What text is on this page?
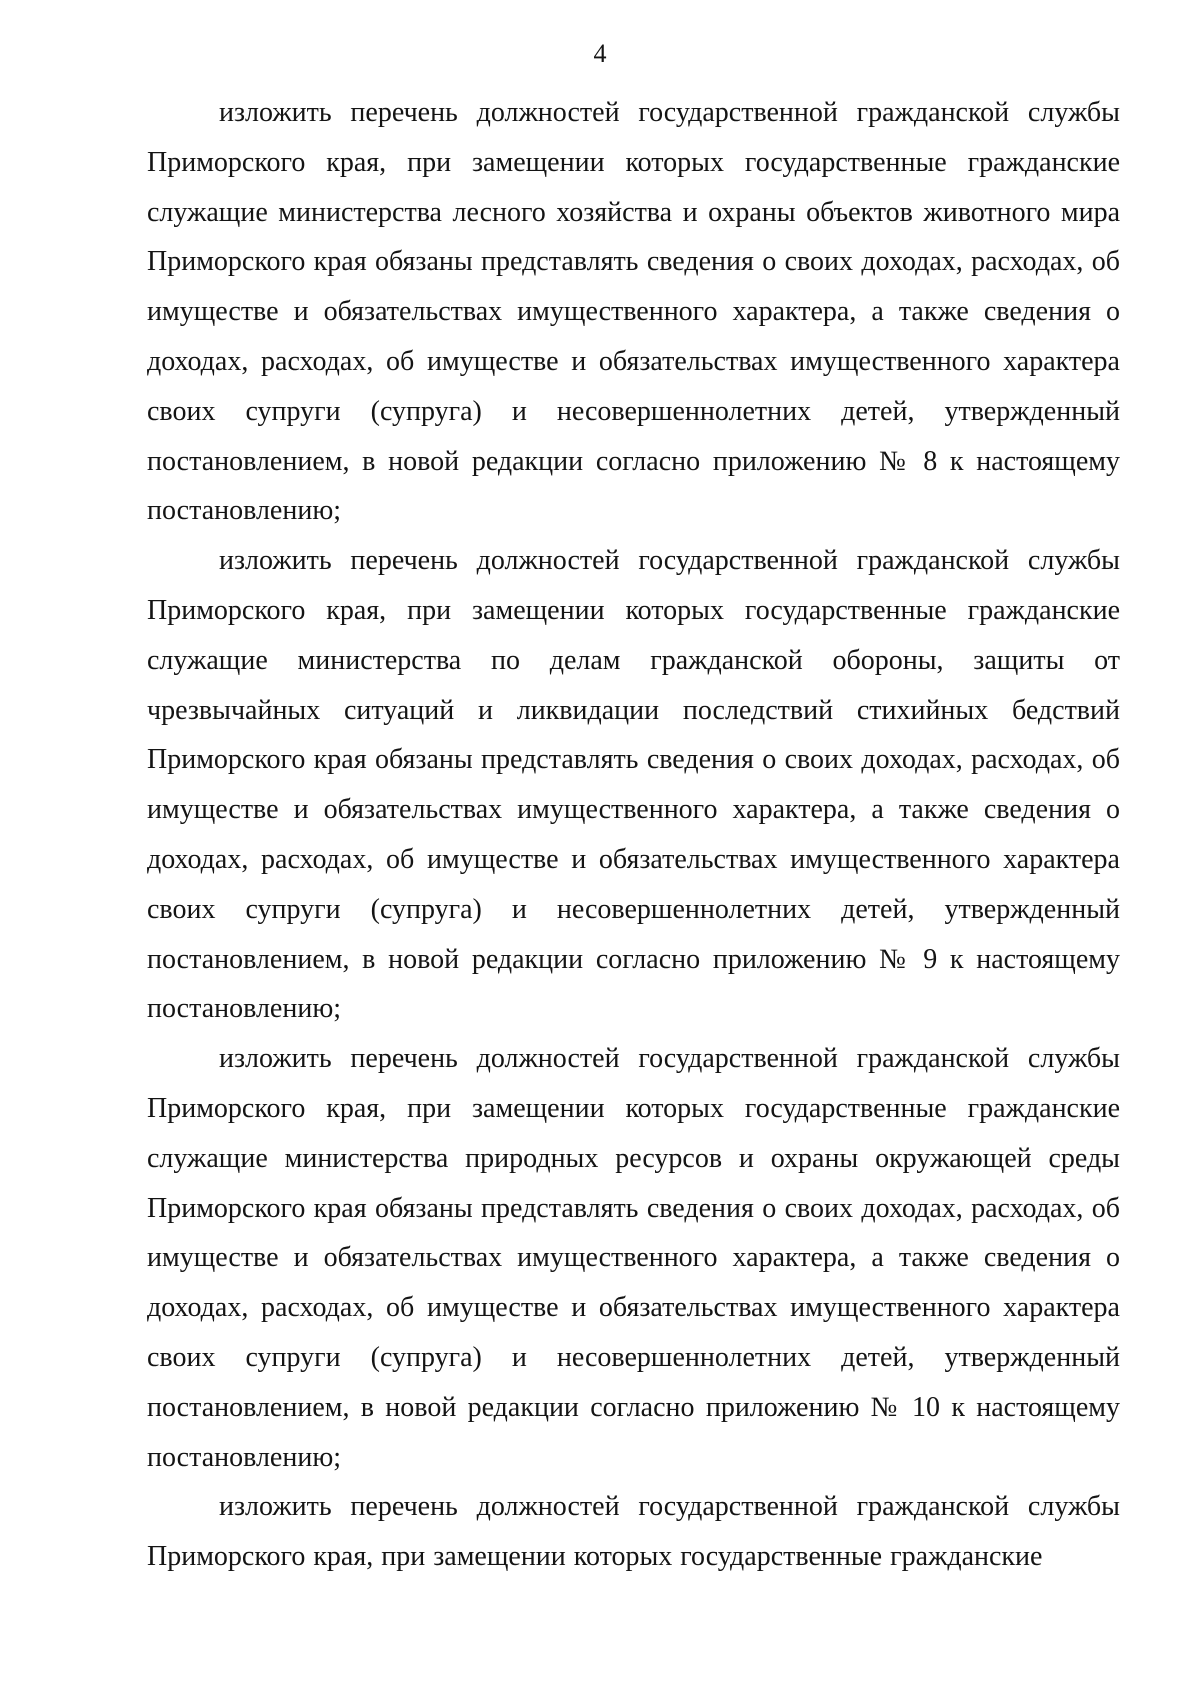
4

изложить перечень должностей государственной гражданской службы Приморского края, при замещении которых государственные гражданские служащие министерства лесного хозяйства и охраны объектов животного мира Приморского края обязаны представлять сведения о своих доходах, расходах, об имуществе и обязательствах имущественного характера, а также сведения о доходах, расходах, об имуществе и обязательствах имущественного характера своих супруги (супруга) и несовершеннолетних детей, утвержденный постановлением, в новой редакции согласно приложению № 8 к настоящему постановлению;

изложить перечень должностей государственной гражданской службы Приморского края, при замещении которых государственные гражданские служащие министерства по делам гражданской обороны, защиты от чрезвычайных ситуаций и ликвидации последствий стихийных бедствий Приморского края обязаны представлять сведения о своих доходах, расходах, об имуществе и обязательствах имущественного характера, а также сведения о доходах, расходах, об имуществе и обязательствах имущественного характера своих супруги (супруга) и несовершеннолетних детей, утвержденный постановлением, в новой редакции согласно приложению № 9 к настоящему постановлению;

изложить перечень должностей государственной гражданской службы Приморского края, при замещении которых государственные гражданские служащие министерства природных ресурсов и охраны окружающей среды Приморского края обязаны представлять сведения о своих доходах, расходах, об имуществе и обязательствах имущественного характера, а также сведения о доходах, расходах, об имуществе и обязательствах имущественного характера своих супруги (супруга) и несовершеннолетних детей, утвержденный постановлением, в новой редакции согласно приложению № 10 к настоящему постановлению;

изложить перечень должностей государственной гражданской службы Приморского края, при замещении которых государственные гражданские
